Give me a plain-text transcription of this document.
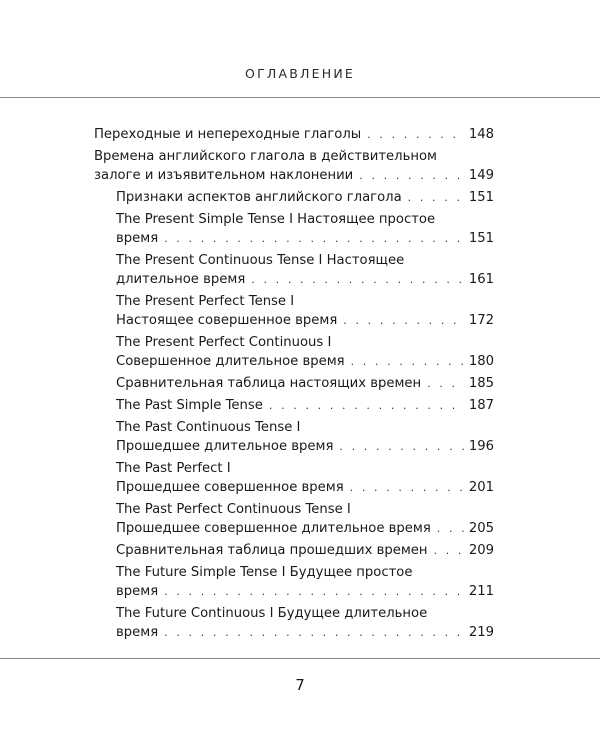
ОГЛАВЛЕНИЕ
Переходные и непереходные глаголы . . .	148
Времена английского глагола в действительном
залоге и изъявительном наклонении . . .	149
Признаки аспектов английского глагола . . .	151
The Present Simple Tense I Настоящее простое
время . . .	151
The Present Continuous Tense I Настоящее
длительное время . . .	161
The Present Perfect Tense I
Настоящее совершенное время . . .	172
The Present Perfect Continuous I
Совершенное длительное время . . .	180
Сравнительная таблица настоящих времен . . .	185
The Past Simple Tense . . .	187
The Past Continuous Tense I
Прошедшее длительное время . . .	196
The Past Perfect I
Прошедшее совершенное время . . .	201
The Past Perfect Continuous Tense I
Прошедшее совершенное длительное время . . .	205
Сравнительная таблица прошедших времен . . .	209
The Future Simple Tense I Будущее простое
время . . .	211
The Future Continuous I Будущее длительное
время . . .	219
7
